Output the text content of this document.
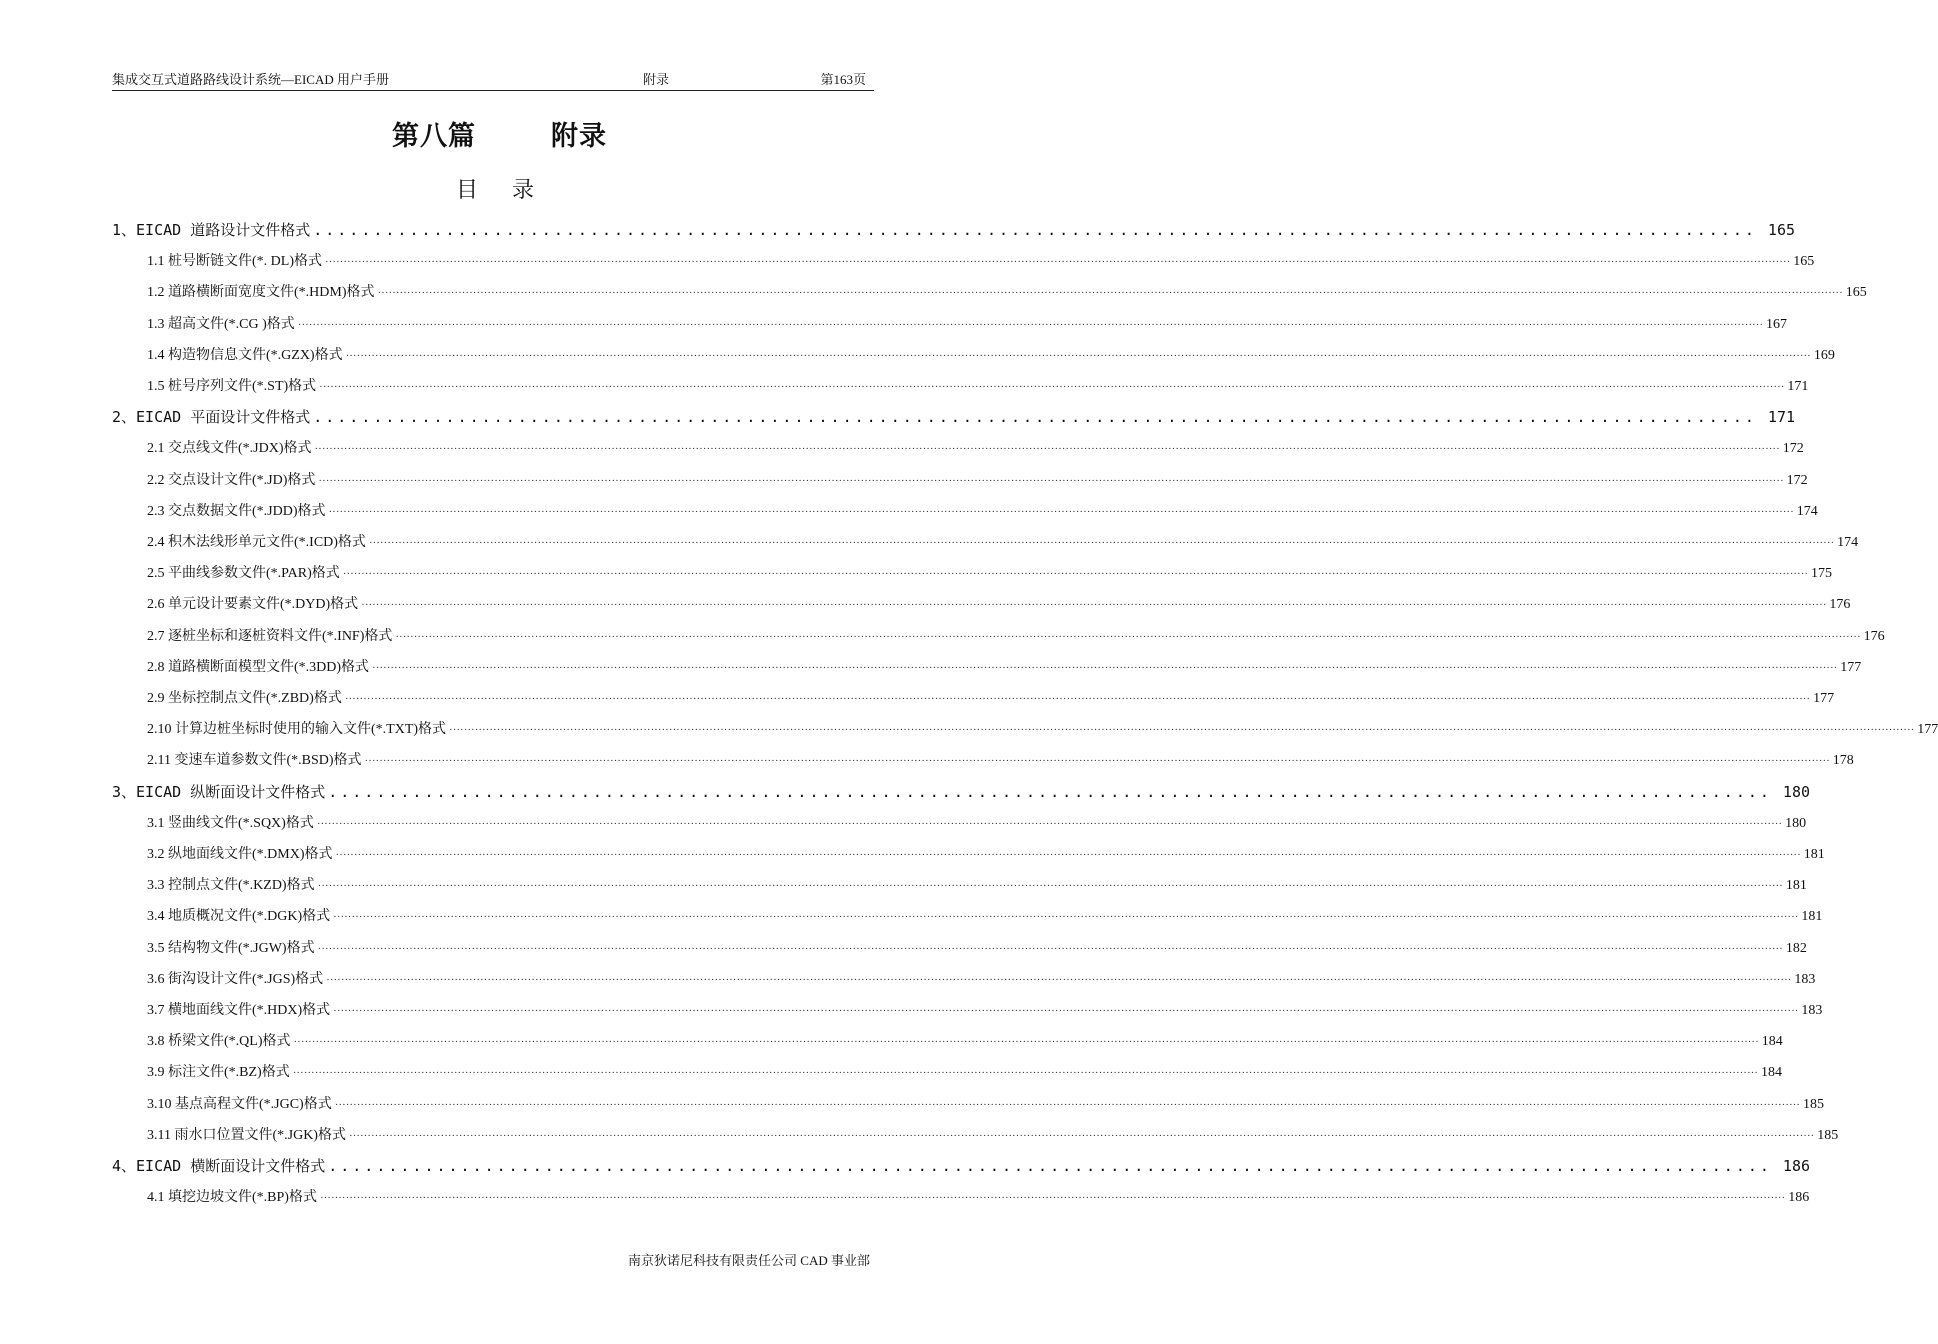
集成交互式道路路线设计系统—EICAD 用户手册	附录	第163页
第八篇	附录
目录
1、EICAD 道路设计文件格式 ........................................................................................................................ 165
1.1 桩号断链文件(*. DL)格式 ················································································································································································································································································································································································································ 165
1.2 道路横断面宽度文件(*.HDM)格式 ················································································································································································································································································································································································································ 165
1.3 超高文件(*.CG )格式 ················································································································································································································································································································································································································ 167
1.4 构造物信息文件(*.GZX)格式 ················································································································································································································································································································································································································ 169
1.5 桩号序列文件(*.ST)格式 ················································································································································································································································································································································································································ 171
2、EICAD 平面设计文件格式 ........................................................................................................................ 171
2.1 交点线文件(*.JDX)格式 ················································································································································································································································································································································································································ 172
2.2 交点设计文件(*.JD)格式 ················································································································································································································································································································································································································ 172
2.3 交点数据文件(*.JDD)格式 ················································································································································································································································································································································································································ 174
2.4 积木法线形单元文件(*.ICD)格式 ················································································································································································································································································································································································································ 174
2.5 平曲线参数文件(*.PAR)格式 ················································································································································································································································································································································································································ 175
2.6 单元设计要素文件(*.DYD)格式 ················································································································································································································································································································································································································ 176
2.7 逐桩坐标和逐桩资料文件(*.INF)格式 ················································································································································································································································································································································································································ 176
2.8 道路横断面模型文件(*.3DD)格式 ················································································································································································································································································································································································································ 177
2.9 坐标控制点文件(*.ZBD)格式 ················································································································································································································································································································································································································ 177
2.10 计算边桩坐标时使用的输入文件(*.TXT)格式 ················································································································································································································································································································································································································ 177
2.11 变速车道参数文件(*.BSD)格式 ················································································································································································································································································································································································································ 178
3、EICAD 纵断面设计文件格式 ........................................................................................................................ 180
3.1 竖曲线文件(*.SQX)格式 ················································································································································································································································································································································································································ 180
3.2 纵地面线文件(*.DMX)格式 ················································································································································································································································································································································································································ 181
3.3 控制点文件(*.KZD)格式 ················································································································································································································································································································································································································ 181
3.4 地质概况文件(*.DGK)格式 ················································································································································································································································································································································································································ 181
3.5 结构物文件(*.JGW)格式 ················································································································································································································································································································································································································ 182
3.6 街沟设计文件(*.JGS)格式 ················································································································································································································································································································································································································ 183
3.7 横地面线文件(*.HDX)格式 ················································································································································································································································································································································································································ 183
3.8 桥梁文件(*.QL)格式 ················································································································································································································································································································································································································ 184
3.9 标注文件(*.BZ)格式 ················································································································································································································································································································································································································ 184
3.10 基点高程文件(*.JGC)格式 ················································································································································································································································································································································································································ 185
3.11 雨水口位置文件(*.JGK)格式 ················································································································································································································································································································································································································ 185
4、EICAD 横断面设计文件格式 ........................................................................................................................ 186
4.1 填挖边坡文件(*.BP)格式 ················································································································································································································································································································································································································ 186
南京狄诺尼科技有限责任公司 CAD 事业部
